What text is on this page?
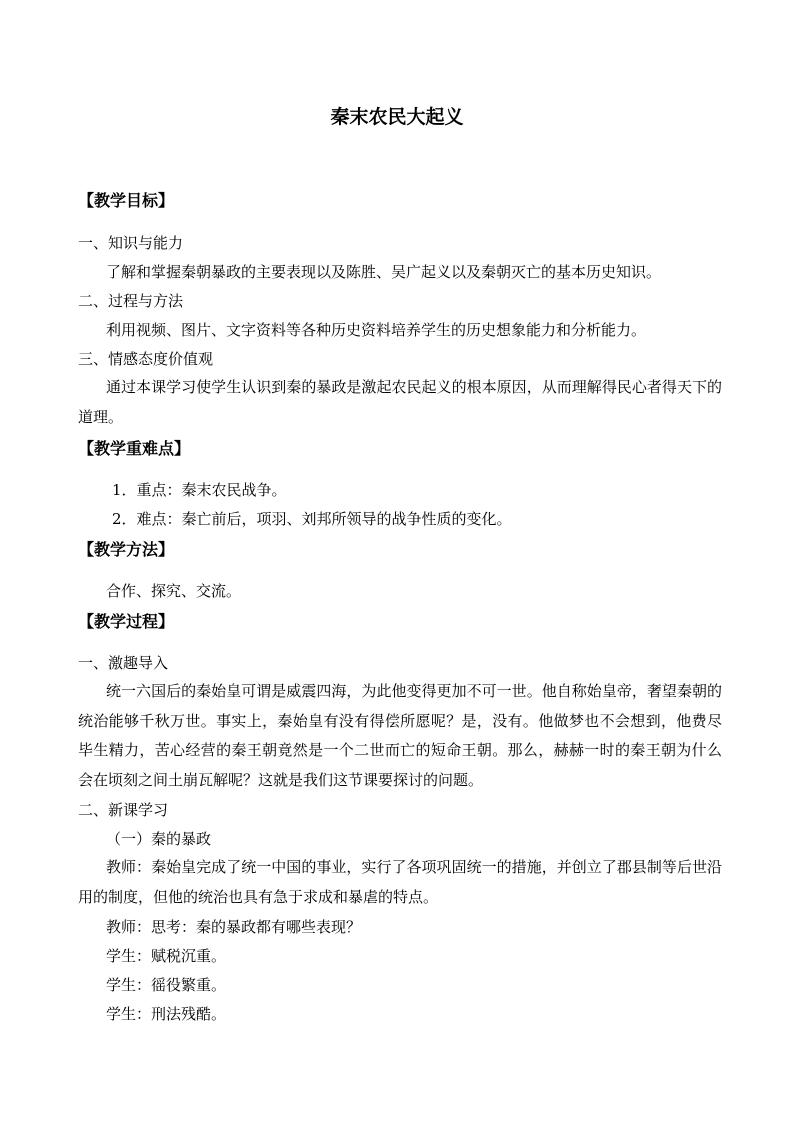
秦末农民大起义

【教学目标】

一、知识与能力

了解和掌握秦朝暴政的主要表现以及陈胜、吴广起义以及秦朝灭亡的基本历史知识。

二、过程与方法

利用视频、图片、文字资料等各种历史资料培养学生的历史想象能力和分析能力。

三、情感态度价值观

通过本课学习使学生认识到秦的暴政是激起农民起义的根本原因，从而理解得民心者得天下的道理。

【教学重难点】

1．重点：秦末农民战争。

2．难点：秦亡前后，项羽、刘邦所领导的战争性质的变化。

【教学方法】

合作、探究、交流。

【教学过程】

一、激趣导入

统一六国后的秦始皇可谓是威震四海，为此他变得更加不可一世。他自称始皇帝，奢望秦朝的统治能够千秋万世。事实上，秦始皇有没有得偿所愿呢？是，没有。他做梦也不会想到，他费尽毕生精力，苦心经营的秦王朝竟然是一个二世而亡的短命王朝。那么，赫赫一时的秦王朝为什么会在顷刻之间土崩瓦解呢？这就是我们这节课要探讨的问题。

二、新课学习

（一）秦的暴政

教师：秦始皇完成了统一中国的事业，实行了各项巩固统一的措施，并创立了郡县制等后世沿用的制度，但他的统治也具有急于求成和暴虐的特点。

教师：思考：秦的暴政都有哪些表现？

学生：赋税沉重。

学生：徭役繁重。

学生：刑法残酷。
